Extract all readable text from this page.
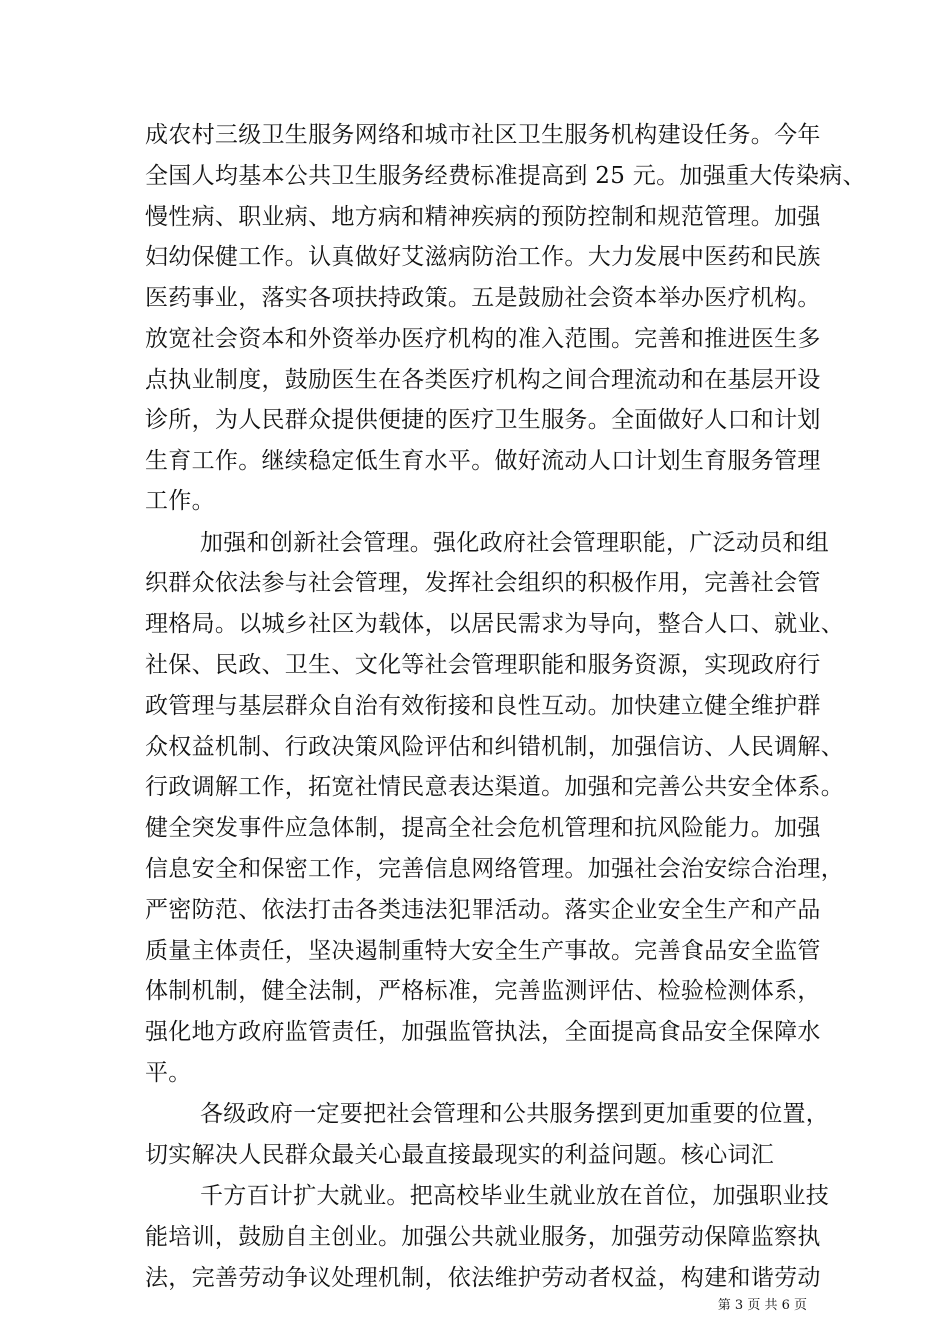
成农村三级卫生服务网络和城市社区卫生服务机构建设任务。今年
全国人均基本公共卫生服务经费标准提高到 25 元。加强重大传染病、
慢性病、职业病、地方病和精神疾病的预防控制和规范管理。加强
妇幼保健工作。认真做好艾滋病防治工作。大力发展中医药和民族
医药事业，落实各项扶持政策。五是鼓励社会资本举办医疗机构。
放宽社会资本和外资举办医疗机构的准入范围。完善和推进医生多
点执业制度，鼓励医生在各类医疗机构之间合理流动和在基层开设
诊所，为人民群众提供便捷的医疗卫生服务。全面做好人口和计划
生育工作。继续稳定低生育水平。做好流动人口计划生育服务管理
工作。
加强和创新社会管理。强化政府社会管理职能，广泛动员和组
织群众依法参与社会管理，发挥社会组织的积极作用，完善社会管
理格局。以城乡社区为载体，以居民需求为导向，整合人口、就业、
社保、民政、卫生、文化等社会管理职能和服务资源，实现政府行
政管理与基层群众自治有效衔接和良性互动。加快建立健全维护群
众权益机制、行政决策风险评估和纠错机制，加强信访、人民调解、
行政调解工作，拓宽社情民意表达渠道。加强和完善公共安全体系。
健全突发事件应急体制，提高全社会危机管理和抗风险能力。加强
信息安全和保密工作，完善信息网络管理。加强社会治安综合治理，
严密防范、依法打击各类违法犯罪活动。落实企业安全生产和产品
质量主体责任，坚决遏制重特大安全生产事故。完善食品安全监管
体制机制，健全法制，严格标准，完善监测评估、检验检测体系，
强化地方政府监管责任，加强监管执法，全面提高食品安全保障水
平。
各级政府一定要把社会管理和公共服务摆到更加重要的位置，
切实解决人民群众最关心最直接最现实的利益问题。核心词汇
千方百计扩大就业。把高校毕业生就业放在首位，加强职业技
能培训，鼓励自主创业。加强公共就业服务，加强劳动保障监察执
法，完善劳动争议处理机制，依法维护劳动者权益，构建和谐劳动
第 3 页 共 6 页
